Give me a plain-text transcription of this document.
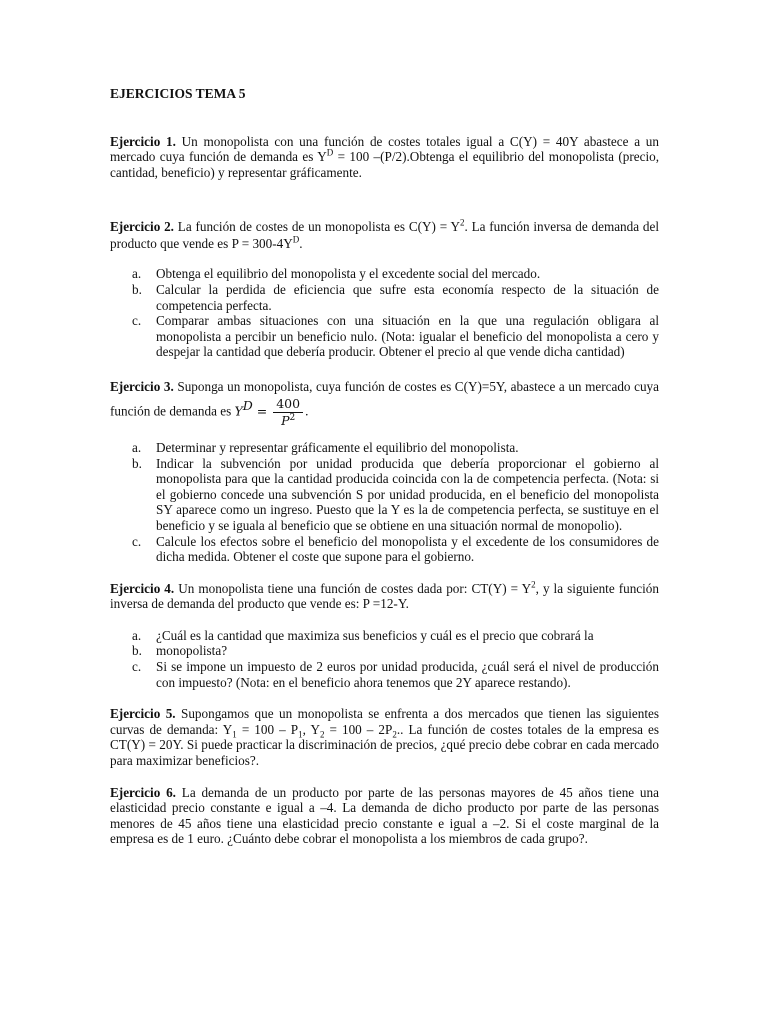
EJERCICIOS TEMA 5

Ejercicio 1. Un monopolista con una función de costes totales igual a C(Y) = 40Y abastece a un mercado cuya función de demanda es $Y^D = 100$ –(P/2).Obtenga el equilibrio del monopolista (precio, cantidad, beneficio) y representar gráficamente.

Ejercicio 2. La función de costes de un monopolista es $C(Y) = Y^2$. La función inversa de demanda del producto que vende es $P = 300-4Y^D$.

a. Obtenga el equilibrio del monopolista y el excedente social del mercado.
b. Calcular la perdida de eficiencia que sufre esta economía respecto de la situación de competencia perfecta.
c. Comparar ambas situaciones con una situación en la que una regulación obligara al monopolista a percibir un beneficio nulo. (Nota: igualar el beneficio del monopolista a cero y despejar la cantidad que debería producir. Obtener el precio al que vende dicha cantidad)

Ejercicio 3. Suponga un monopolista, cuya función de costes es C(Y)=5Y, abastece a un mercado cuya función de demanda es $Y^D = \frac{400}{P^2}$ .

a. Determinar y representar gráficamente el equilibrio del monopolista.
b. Indicar la subvención por unidad producida que debería proporcionar el gobierno al monopolista para que la cantidad producida coincida con la de competencia perfecta. (Nota: si el gobierno concede una subvención S por unidad producida, en el beneficio del monopolista SY aparece como un ingreso. Puesto que la Y es la de competencia perfecta, se sustituye en el beneficio y se iguala al beneficio que se obtiene en una situación normal de monopolio).
c. Calcule los efectos sobre el beneficio del monopolista y el excedente de los consumidores de dicha medida. Obtener el coste que supone para el gobierno.

Ejercicio 4. Un monopolista tiene una función de costes dada por: $CT(Y) = Y^2$, y la siguiente función inversa de demanda del producto que vende es: P =12-Y.

a. ¿Cuál es la cantidad que maximiza sus beneficios y cuál es el precio que cobrará la
b. monopolista?
c. Si se impone un impuesto de 2 euros por unidad producida, ¿cuál será el nivel de producción con impuesto? (Nota: en el beneficio ahora tenemos que 2Y aparece restando).

Ejercicio 5. Supongamos que un monopolista se enfrenta a dos mercados que tienen las siguientes curvas de demanda: $Y_1 = 100 - P_1$, $Y_2 = 100 - 2P_2$.. La función de costes totales de la empresa es CT(Y) = 20Y. Si puede practicar la discriminación de precios, ¿qué precio debe cobrar en cada mercado para maximizar beneficios?.

Ejercicio 6. La demanda de un producto por parte de las personas mayores de 45 años tiene una elasticidad precio constante e igual a –4. La demanda de dicho producto por parte de las personas menores de 45 años tiene una elasticidad precio constante e igual a –2. Si el coste marginal de la empresa es de 1 euro. ¿Cuánto debe cobrar el monopolista a los miembros de cada grupo?.
